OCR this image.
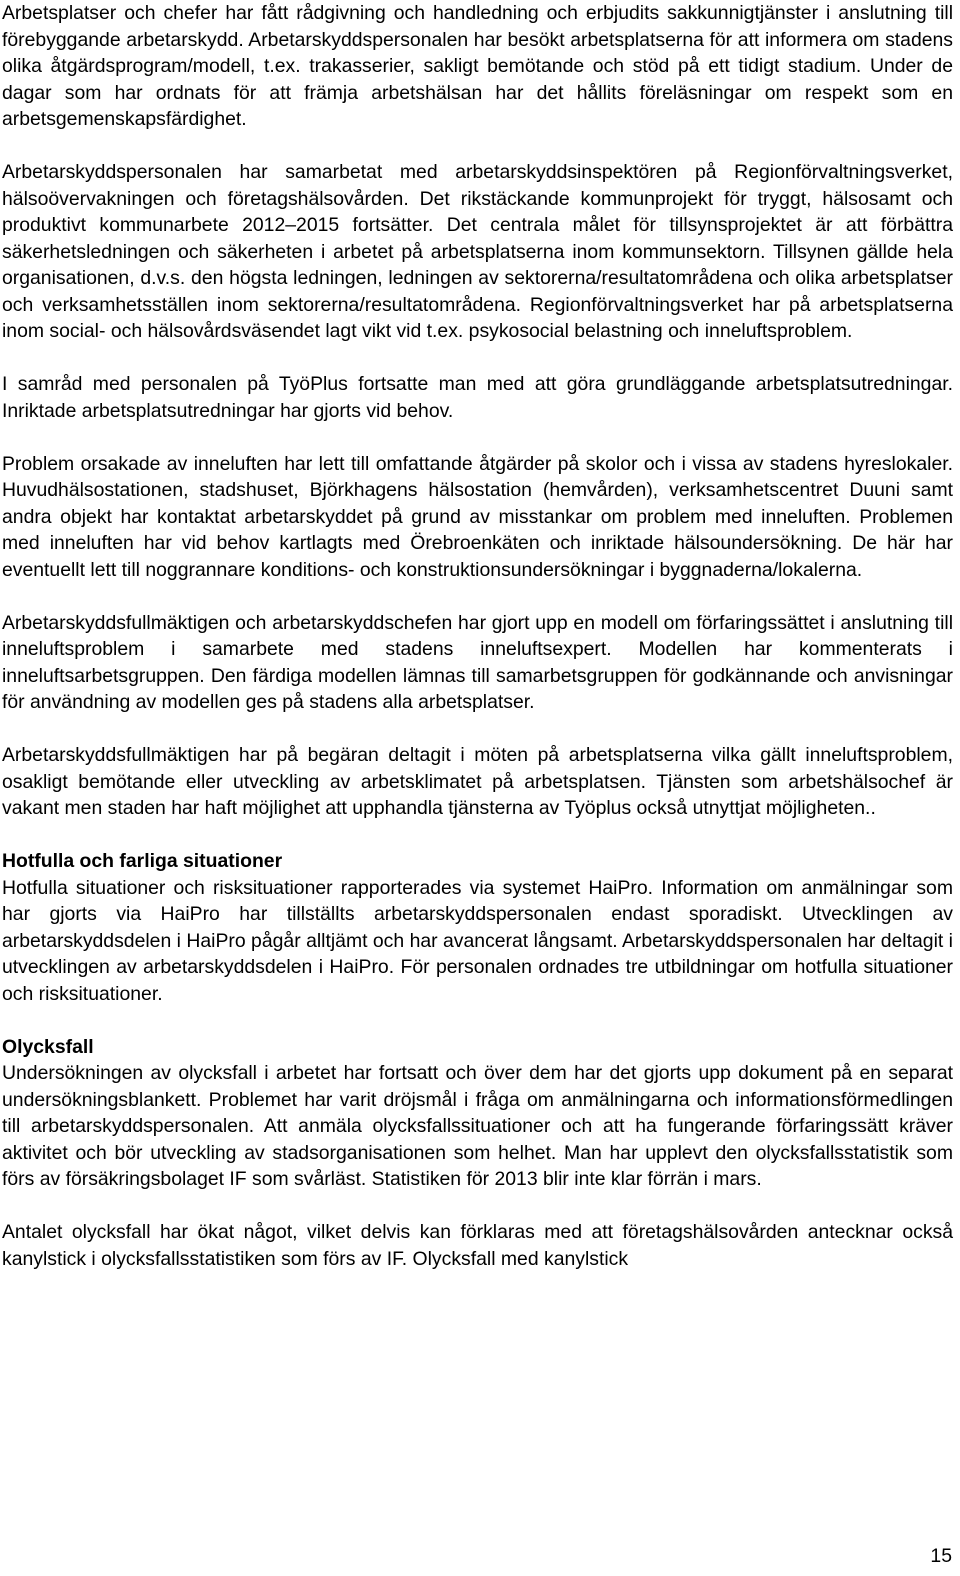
Arbetsplatser och chefer har fått rådgivning och handledning och erbjudits sakkunnigtjänster i anslutning till förebyggande arbetarskydd. Arbetarskyddspersonalen har besökt arbetsplatserna för att informera om stadens olika åtgärdsprogram/modell, t.ex. trakasserier, sakligt bemötande och stöd på ett tidigt stadium. Under de dagar som har ordnats för att främja arbetshälsan har det hållits föreläsningar om respekt som en arbetsgemenskapsfärdighet.

Arbetarskyddspersonalen har samarbetat med arbetarskyddsinspektören på Regionförvaltningsverket, hälsoövervakningen och företagshälsovården. Det rikstäckande kommunprojekt för tryggt, hälsosamt och produktivt kommunarbete 2012–2015 fortsätter. Det centrala målet för tillsynsprojektet är att förbättra säkerhetsledningen och säkerheten i arbetet på arbetsplatserna inom kommunsektorn. Tillsynen gällde hela organisationen, d.v.s. den högsta ledningen, ledningen av sektorerna/resultatområdena och olika arbetsplatser och verksamhetsställen inom sektorerna/resultatområdena. Regionförvaltningsverket har på arbetsplatserna inom social- och hälsovårdsväsendet lagt vikt vid t.ex. psykosocial belastning och inneluftsproblem.

I samråd med personalen på TyöPlus fortsatte man med att göra grundläggande arbetsplatsutredningar. Inriktade arbetsplatsutredningar har gjorts vid behov.

Problem orsakade av inneluften har lett till omfattande åtgärder på skolor och i vissa av stadens hyreslokaler. Huvudhälsostationen, stadshuset, Björkhagens hälsostation (hemvården), verksamhetscentret Duuni samt andra objekt har kontaktat arbetarskyddet på grund av misstankar om problem med inneluften. Problemen med inneluften har vid behov kartlagts med Örebroenkäten och inriktade hälsoundersökning. De här har eventuellt lett till noggrannare konditions- och konstruktionsundersökningar i byggnaderna/lokalerna.

Arbetarskyddsfullmäktigen och arbetarskyddschefen har gjort upp en modell om förfaringssättet i anslutning till inneluftsproblem i samarbete med stadens inneluftsexpert. Modellen har kommenterats i inneluftsarbetsgruppen. Den färdiga modellen lämnas till samarbetsgruppen för godkännande och anvisningar för användning av modellen ges på stadens alla arbetsplatser.

Arbetarskyddsfullmäktigen har på begäran deltagit i möten på arbetsplatserna vilka gällt inneluftsproblem, osakligt bemötande eller utveckling av arbetsklimatet på arbetsplatsen. Tjänsten som arbetshälsochef är vakant men staden har haft möjlighet att upphandla tjänsterna av Työplus också utnyttjat möjligheten..

Hotfulla och farliga situationer

Hotfulla situationer och risksituationer rapporterades via systemet HaiPro. Information om anmälningar som har gjorts via HaiPro har tillställts arbetarskyddspersonalen endast sporadiskt. Utvecklingen av arbetarskyddsdelen i HaiPro pågår alltjämt och har avancerat långsamt. Arbetarskyddspersonalen har deltagit i utvecklingen av arbetarskyddsdelen i HaiPro. För personalen ordnades tre utbildningar om hotfulla situationer och risksituationer.

Olycksfall

Undersökningen av olycksfall i arbetet har fortsatt och över dem har det gjorts upp dokument på en separat undersökningsblankett. Problemet har varit dröjsmål i fråga om anmälningarna och informationsförmedlingen till arbetarskyddspersonalen. Att anmäla olycksfallssituationer och att ha fungerande förfaringssätt kräver aktivitet och bör utveckling av stadsorganisationen som helhet. Man har upplevt den olycksfallsstatistik som förs av försäkringsbolaget IF som svårläst. Statistiken för 2013 blir inte klar förrän i mars.

Antalet olycksfall har ökat något, vilket delvis kan förklaras med att företagshälsovården antecknar också kanylstick i olycksfallsstatistiken som förs av IF. Olycksfall med kanylstick

15
